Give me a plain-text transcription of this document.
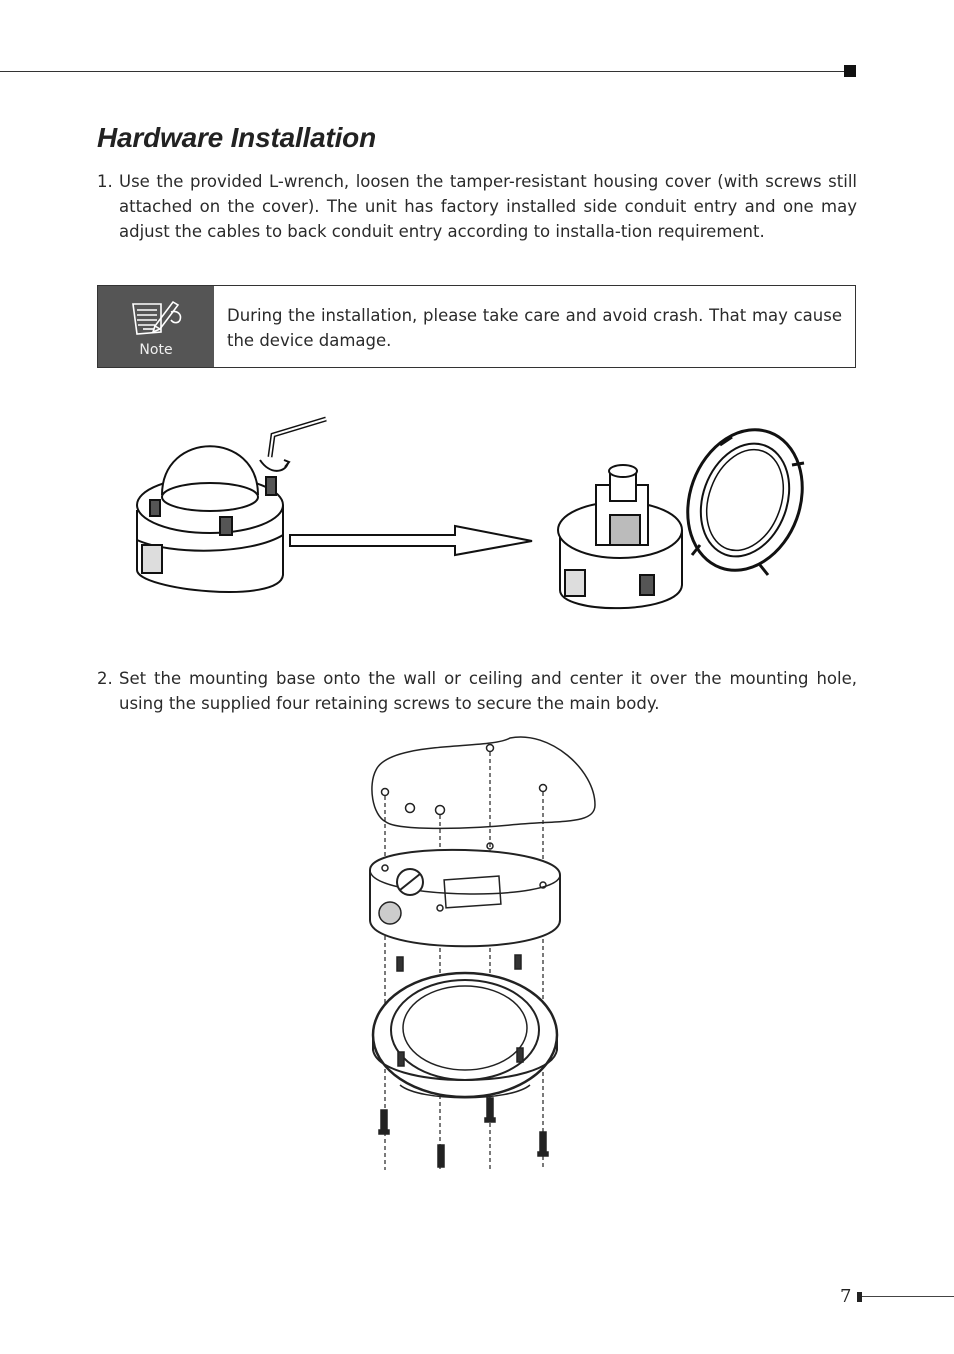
Hardware Installation
1. Use the provided L-wrench, loosen the tamper-resistant housing cover (with screws still attached on the cover). The unit has factory installed side conduit entry and one may adjust the cables to back conduit entry according to installa-tion requirement.
Note
During the installation, please take care and avoid crash. That may cause the device damage.
2. Set the mounting base onto the wall or ceiling and center it over the mounting hole, using the supplied four retaining screws to secure the main body.
7
